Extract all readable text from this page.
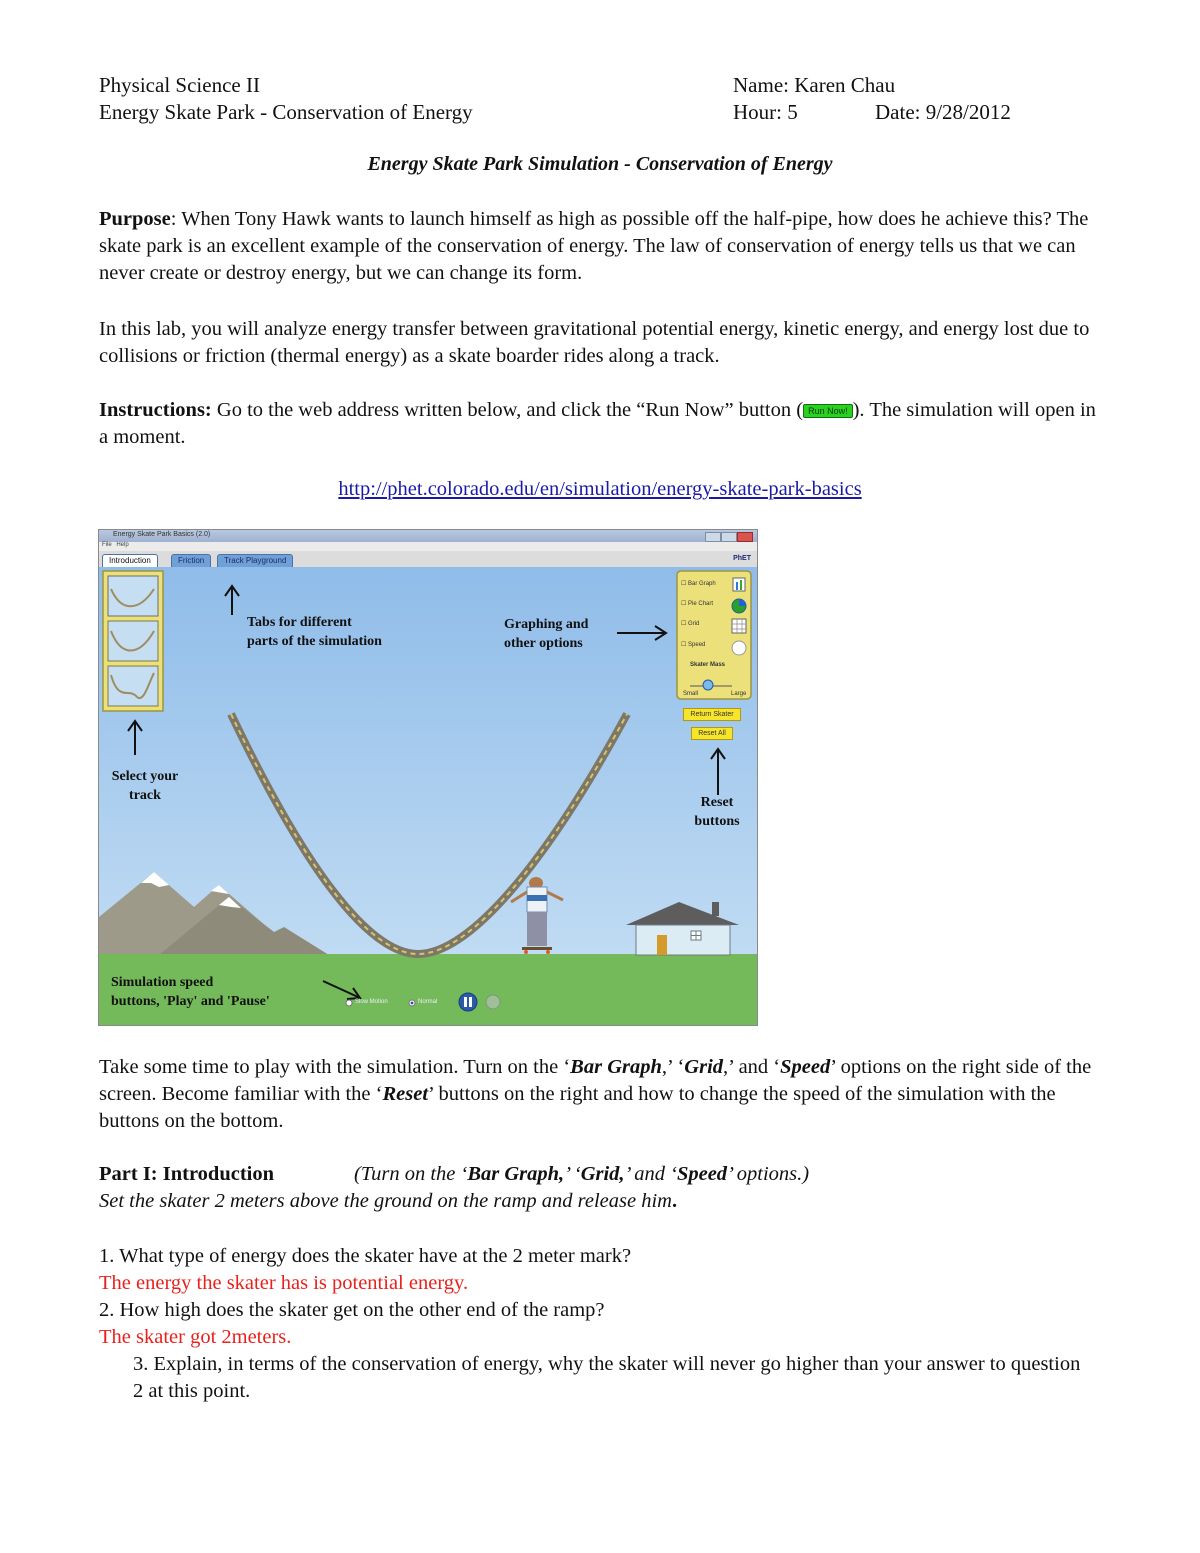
Physical Science II
Energy Skate Park - Conservation of Energy
Name: Karen Chau
Hour: 5	Date: 9/28/2012
Energy Skate Park Simulation - Conservation of Energy
Purpose: When Tony Hawk wants to launch himself as high as possible off the half-pipe, how does he achieve this? The skate park is an excellent example of the conservation of energy. The law of conservation of energy tells us that we can never create or destroy energy, but we can change its form.
In this lab, you will analyze energy transfer between gravitational potential energy, kinetic energy, and energy lost due to collisions or friction (thermal energy) as a skate boarder rides along a track.
Instructions: Go to the web address written below, and click the “Run Now” button ( Run Now! ). The simulation will open in a moment.
http://phet.colorado.edu/en/simulation/energy-skate-park-basics
Energy Skate Park Basics (2.0)
File Help
Introduction	Friction	Track Playground	PhET
☐ Bar Graph
☐ Pie Chart
☐ Grid
☐ Speed
Skater Mass
Small	Large
Return Skater
Reset All
Slow Motion	Normal
Tabs for different
parts of the simulation
Graphing and
other options
Select your
track	Reset
buttons
Simulation speed
buttons, 'Play' and 'Pause'
Take some time to play with the simulation. Turn on the ‘Bar Graph,’ ‘Grid,’ and ‘Speed’ options on the right side of the screen. Become familiar with the ‘Reset’ buttons on the right and how to change the speed of the simulation with the buttons on the bottom.
Part I: Introduction	(Turn on the ‘Bar Graph,’ ‘Grid,’ and ‘Speed’ options.)
Set the skater 2 meters above the ground on the ramp and release him.
1. What type of energy does the skater have at the 2 meter mark?
The energy the skater has is potential energy.
2. How high does the skater get on the other end of the ramp?
The skater got 2meters.
3. Explain, in terms of the conservation of energy, why the skater will never go higher than your answer to question 2 at this point.
